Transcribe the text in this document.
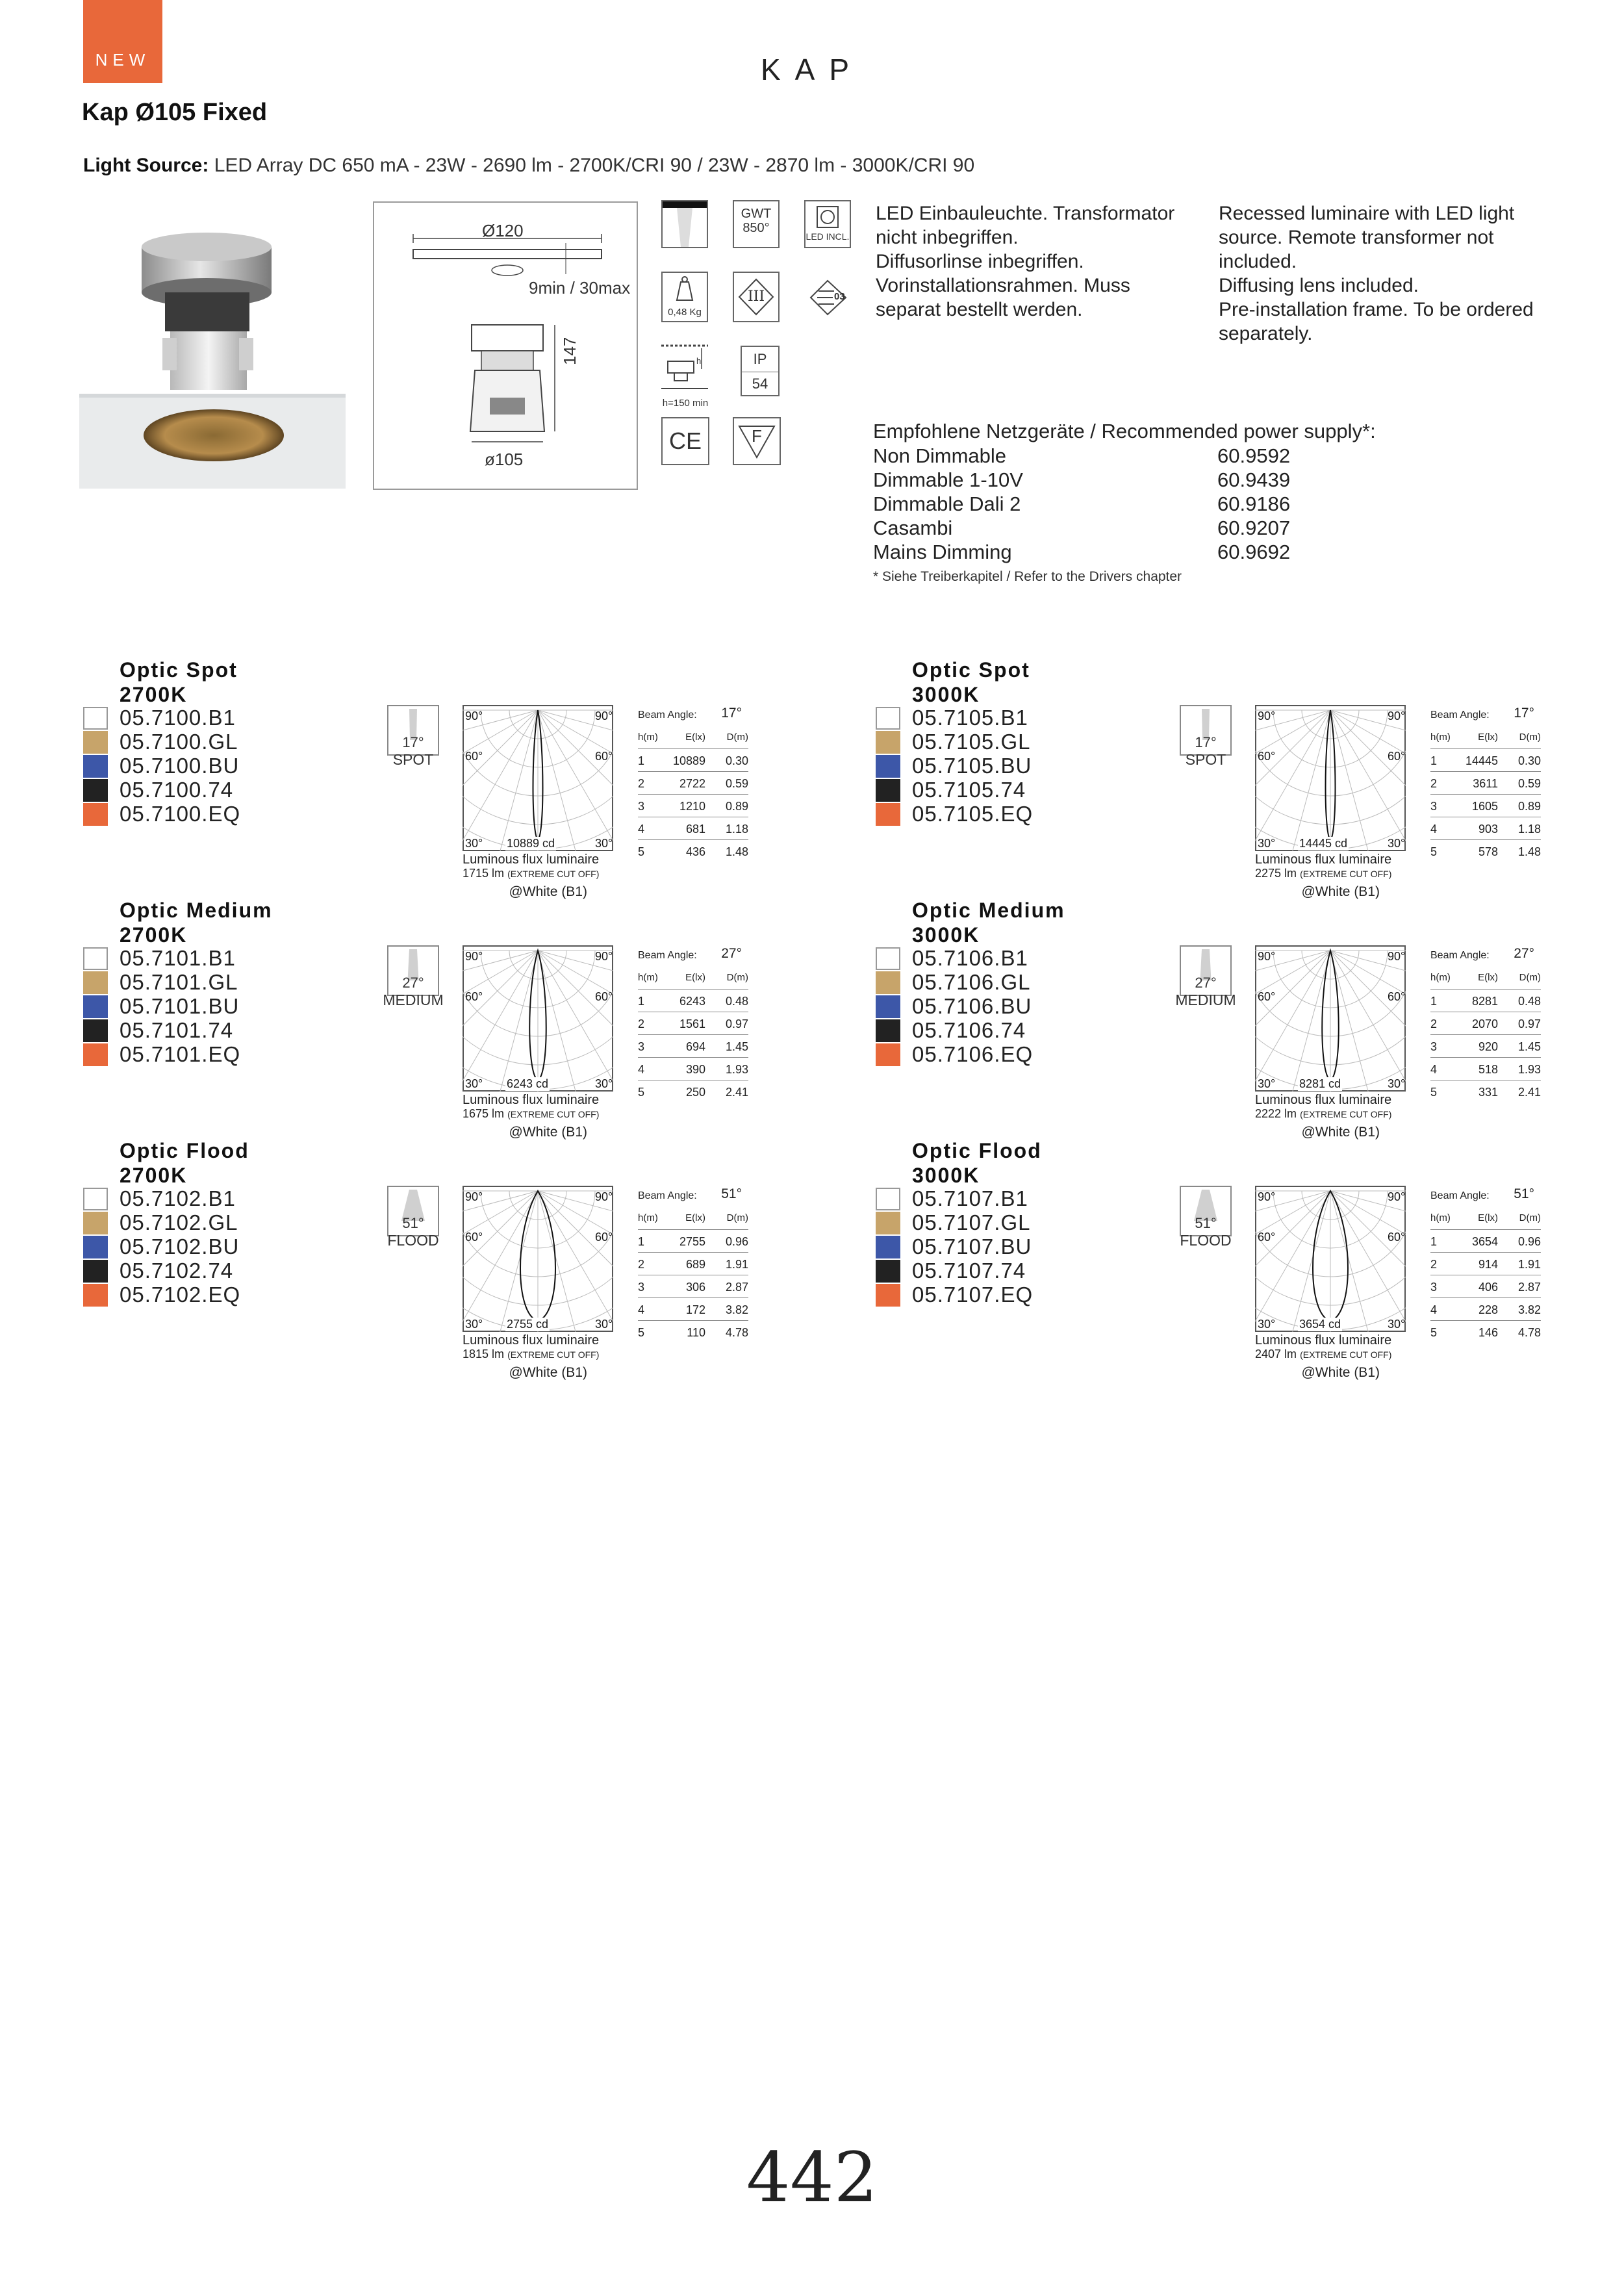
NEW	KAP
Kap Ø105 Fixed
Light Source: LED Array DC 650 mA - 23W - 2690 lm - 2700K/CRI 90 / 23W - 2870 lm - 3000K/CRI 90
Ø120
9min / 30max
147
ø105
GWT
850°
LED INCL.
0,48 Kg
III	03
h
h=150 min
IP
54
CE	F
LED Einbauleuchte. Transformator
nicht inbegriffen.
Diffusorlinse inbegriffen.
Vorinstallationsrahmen. Muss
separat bestellt werden.
Recessed luminaire with LED light
source. Remote transformer not
included.
Diffusing lens included.
Pre-installation frame. To be ordered
separately.
Empfohlene Netzgeräte / Recommended power supply*:
Non Dimmable	60.9592
Dimmable 1-10V	60.9439
Dimmable Dali 2	60.9186
Casambi	60.9207
Mains Dimming	60.9692
* Siehe Treiberkapitel / Refer to the Drivers chapter
Optic Spot
2700K
05.7100.B1
05.7100.GL
05.7100.BU
05.7100.74
05.7100.EQ
17°
SPOT
90°	90°
60°	60°
30°	30°
10889 cd
Luminous flux luminaire
1715 lm (EXTREME CUT OFF)
@White (B1)
Beam Angle: 17°
h(m)	E(lx) D(m)
1 10889 0.30
2	2722 0.59
3	1210 0.89
4	681 1.18
5	436 1.48
Optic Spot
3000K
05.7105.B1
05.7105.GL
05.7105.BU
05.7105.74
05.7105.EQ
17°
SPOT
90°	90°
60°	60°
30°	30°
14445 cd
Luminous flux luminaire
2275 lm (EXTREME CUT OFF)
@White (B1)
Beam Angle: 17°
h(m)	E(lx) D(m)
1 14445 0.30
2	3611 0.59
3	1605 0.89
4	903 1.18
5	578 1.48
Optic Medium
2700K
05.7101.B1
05.7101.GL
05.7101.BU
05.7101.74
05.7101.EQ
27°
MEDIUM
90°	90°
60°	60°
30°	30°
6243 cd
Luminous flux luminaire
1675 lm (EXTREME CUT OFF)
@White (B1)
Beam Angle: 27°
h(m)	E(lx) D(m)
1	6243 0.48
2	1561 0.97
3	694 1.45
4	390 1.93
5	250 2.41
Optic Medium
3000K
05.7106.B1
05.7106.GL
05.7106.BU
05.7106.74
05.7106.EQ
27°
MEDIUM
90°	90°
60°	60°
30°	30°
8281 cd
Luminous flux luminaire
2222 lm (EXTREME CUT OFF)
@White (B1)
Beam Angle: 27°
h(m)	E(lx) D(m)
1	8281 0.48
2	2070 0.97
3	920 1.45
4	518 1.93
5	331 2.41
Optic Flood
2700K
05.7102.B1
05.7102.GL
05.7102.BU
05.7102.74
05.7102.EQ
51°
FLOOD
90°	90°
60°	60°
30°	30°
2755 cd
Luminous flux luminaire
1815 lm (EXTREME CUT OFF)
@White (B1)
Beam Angle: 51°
h(m)	E(lx) D(m)
1	2755 0.96
2	689 1.91
3	306 2.87
4	172 3.82
5	110 4.78
Optic Flood
3000K
05.7107.B1
05.7107.GL
05.7107.BU
05.7107.74
05.7107.EQ
51°
FLOOD
90°	90°
60°	60°
30°	30°
3654 cd
Luminous flux luminaire
2407 lm (EXTREME CUT OFF)
@White (B1)
Beam Angle: 51°
h(m)	E(lx) D(m)
1	3654 0.96
2	914 1.91
3	406 2.87
4	228 3.82
5	146 4.78
442
